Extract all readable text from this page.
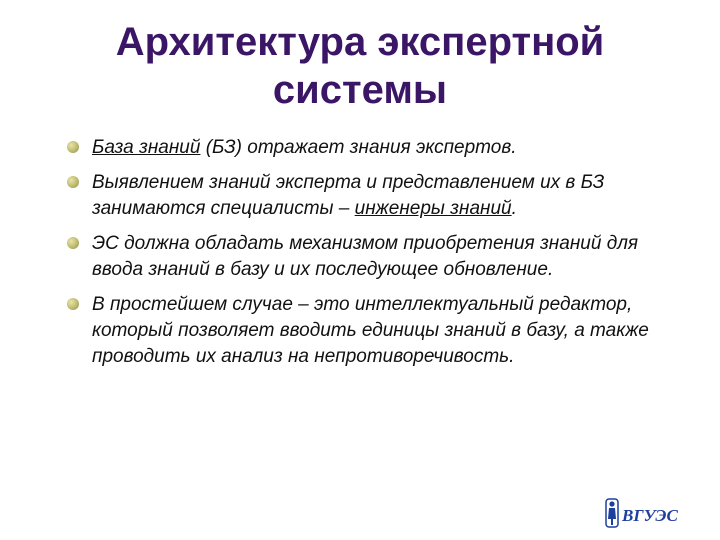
Архитектура экспертной
системы
База знаний (БЗ) отражает знания экспертов.
Выявлением знаний эксперта и представлением их в БЗ занимаются специалисты – инженеры знаний.
ЭС должна обладать механизмом приобретения знаний для ввода знаний в базу и их последующее обновление.
В простейшем случае – это интеллектуальный редактор, который позволяет вводить единицы знаний в базу, а также проводить их анализ на непротиворечивость.
ВГУЭС
